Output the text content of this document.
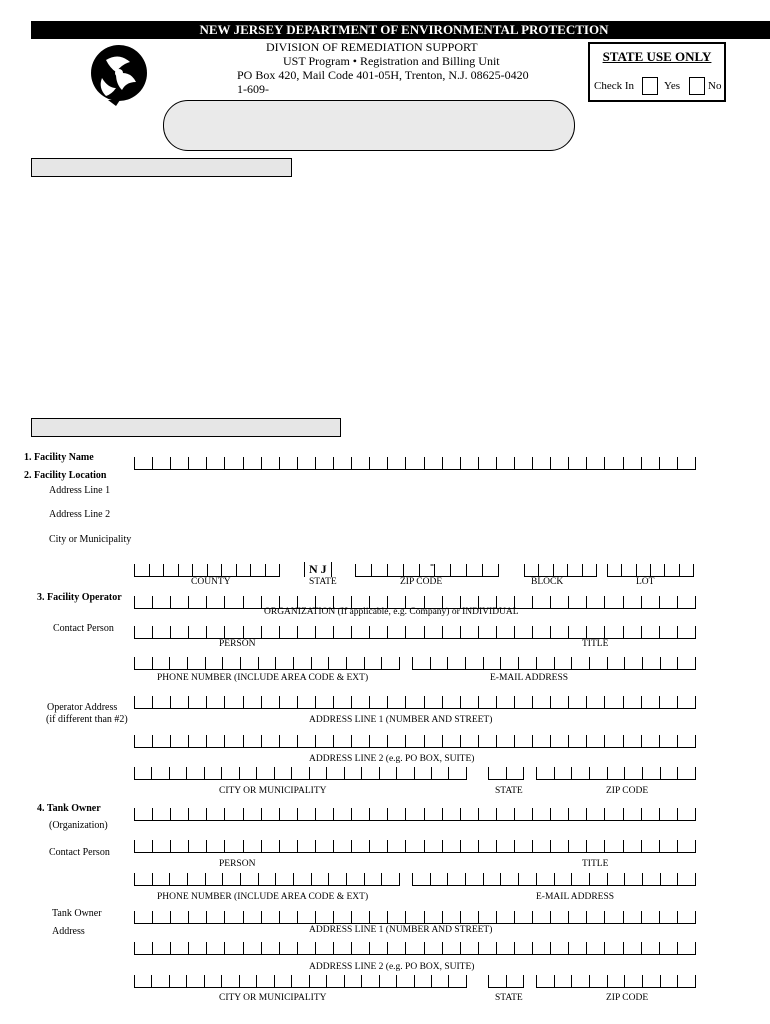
NEW JERSEY DEPARTMENT OF ENVIRONMENTAL PROTECTION
DIVISION OF REMEDIATION SUPPORT
UST Program • Registration and Billing Unit
PO Box 420, Mail Code 401-05H, Trenton, N.J. 08625-0420
1-609-
STATE USE ONLY
Check In	Yes	No
1. Facility Name
2. Facility Location
Address Line 1
Address Line 2
City or Municipality
N J	-
COUNTY	STATE	ZIP CODE	BLOCK	LOT
3. Facility Operator
ORGANIZATION (If applicable, e.g. Company) or INDIVIDUAL
Contact Person
PERSON	TITLE
PHONE NUMBER (INCLUDE AREA CODE & EXT)	E-MAIL ADDRESS
Operator Address
(if different than #2)	ADDRESS LINE 1 (NUMBER AND STREET)
ADDRESS LINE 2 (e.g. PO BOX, SUITE)
CITY OR MUNICIPALITY	STATE	ZIP CODE
4. Tank Owner
(Organization)
Contact Person
PERSON	TITLE
PHONE NUMBER (INCLUDE AREA CODE & EXT)	E-MAIL ADDRESS
Tank Owner
Address	ADDRESS LINE 1 (NUMBER AND STREET)
ADDRESS LINE 2 (e.g. PO BOX, SUITE)
CITY OR MUNICIPALITY	STATE	ZIP CODE
